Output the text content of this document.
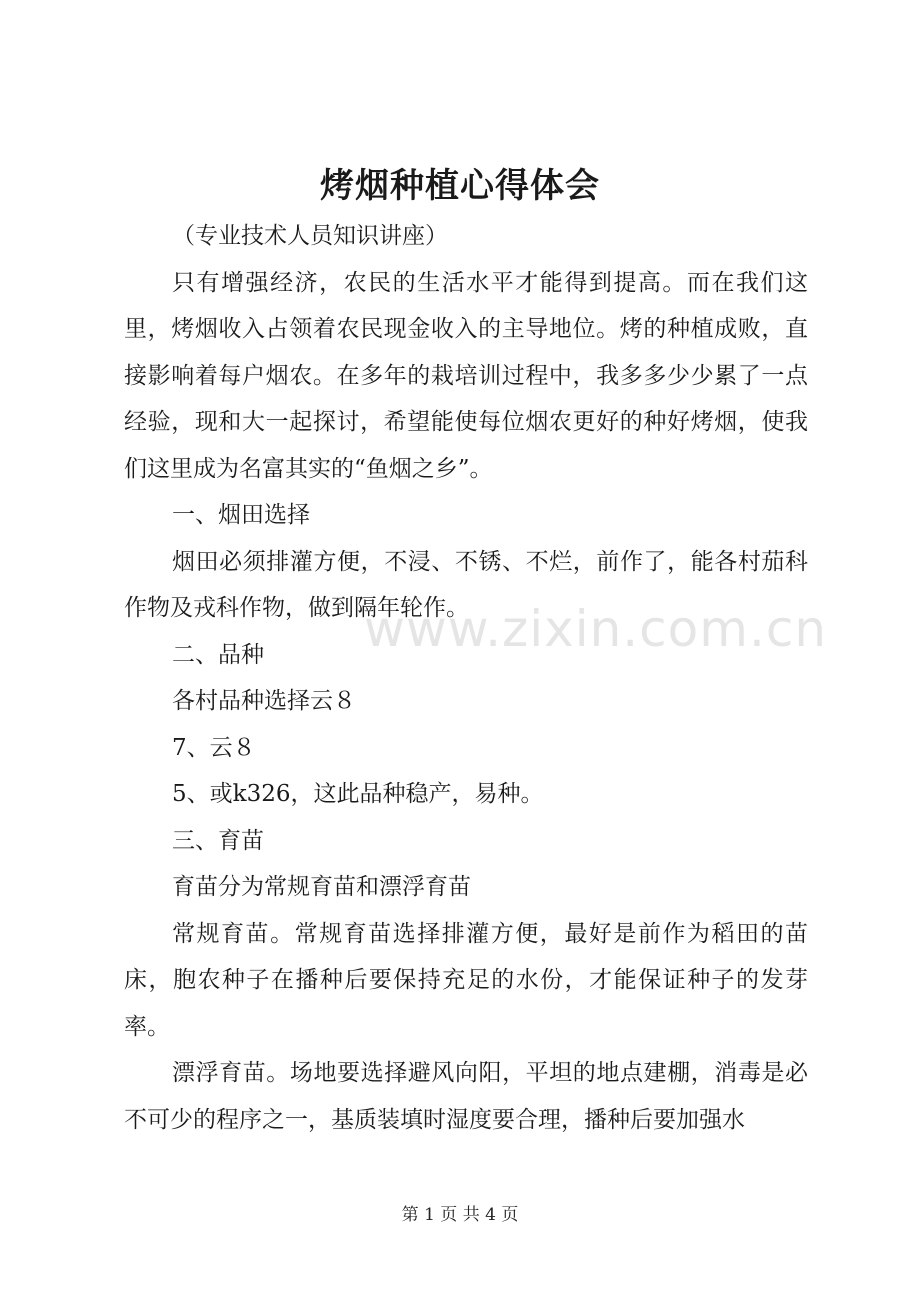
烤烟种植心得体会

（专业技术人员知识讲座）

只有增强经济，农民的生活水平才能得到提高。而在我们这里，烤烟收入占领着农民现金收入的主导地位。烤的种植成败，直接影响着每户烟农。在多年的栽培训过程中，我多多少少累了一点经验，现和大一起探讨，希望能使每位烟农更好的种好烤烟，使我们这里成为名富其实的“鱼烟之乡”。

一、烟田选择

烟田必须排灌方便，不浸、不锈、不烂，前作了，能各村茄科作物及戎科作物，做到隔年轮作。

二、品种

各村品种选择云８

7、云８

5、或k326，这此品种稳产，易种。

三、育苗

育苗分为常规育苗和漂浮育苗

常规育苗。常规育苗选择排灌方便，最好是前作为稻田的苗床，胞农种子在播种后要保持充足的水份，才能保证种子的发芽率。

漂浮育苗。场地要选择避风向阳，平坦的地点建棚，消毒是必不可少的程序之一，基质装填时湿度要合理，播种后要加强水

www.zixin.com.cn
第 1 页 共 4 页
